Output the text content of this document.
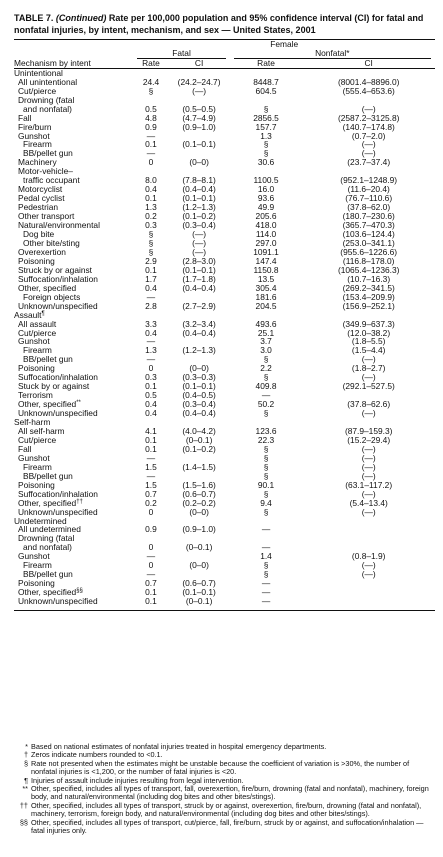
TABLE 7. (Continued) Rate per 100,000 population and 95% confidence interval (CI) for fatal and nonfatal injuries, by intent, mechanism, and sex — United States, 2001
	Female			

	Fatal		Nonfatal*	

Mechanism by intent	Rate	CI	Rate	CI
Unintentional				
All unintentional	24.4	(24.2–24.7)	8448.7	(8001.4–8896.0)
Cut/pierce	§	(—)	604.5	(555.4–653.6)
Drowning (fatal				
and nonfatal)	0.5	(0.5–0.5)	§	(—)
Fall	4.8	(4.7–4.9)	2856.5	(2587.2–3125.8)
Fire/burn	0.9	(0.9–1.0)	157.7	(140.7–174.8)
Gunshot	—		1.3	(0.7–2.0)
Firearm	0.1	(0.1–0.1)	§	(—)
BB/pellet gun	—		§	(—)
Machinery	0	(0–0)	30.6	(23.7–37.4)
Motor-vehicle–				
traffic occupant	8.0	(7.8–8.1)	1100.5	(952.1–1248.9)
Motorcyclist	0.4	(0.4–0.4)	16.0	(11.6–20.4)
Pedal cyclist	0.1	(0.1–0.1)	93.6	(76.7–110.6)
Pedestrian	1.3	(1.2–1.3)	49.9	(37.8–62.0)
Other transport	0.2	(0.1–0.2)	205.6	(180.7–230.6)
Natural/environmental	0.3	(0.3–0.4)	418.0	(365.7–470.3)
Dog bite	§	(—)	114.0	(103.6–124.4)
Other bite/sting	§	(—)	297.0	(253.0–341.1)
Overexertion	§	(—)	1091.1	(955.6–1226.6)
Poisoning	2.9	(2.8–3.0)	147.4	(116.8–178.0)
Struck by or against	0.1	(0.1–0.1)	1150.8	(1065.4–1236.3)
Suffocation/inhalation	1.7	(1.7–1.8)	13.5	(10.7–16.3)
Other, specified	0.4	(0.4–0.4)	305.4	(269.2–341.5)
Foreign objects	—		181.6	(153.4–209.9)
Unknown/unspecified	2.8	(2.7–2.9)	204.5	(156.9–252.1)
Assault¶				
All assault	3.3	(3.2–3.4)	493.6	(349.9–637.3)
Cut/pierce	0.4	(0.4–0.4)	25.1	(12.0–38.2)
Gunshot	—		3.7	(1.8–5.5)
Firearm	1.3	(1.2–1.3)	3.0	(1.5–4.4)
BB/pellet gun	—		§	(—)
Poisoning	0	(0–0)	2.2	(1.8–2.7)
Suffocation/inhalation	0.3	(0.3–0.3)	§	(—)
Stuck by or against	0.1	(0.1–0.1)	409.8	(292.1–527.5)
Terrorism	0.5	(0.4–0.5)	—	
Other, specified**	0.4	(0.3–0.4)	50.2	(37.8–62.6)
Unknown/unspecified	0.4	(0.4–0.4)	§	(—)
Self-harm				
All self-harm	4.1	(4.0–4.2)	123.6	(87.9–159.3)
Cut/pierce	0.1	(0–0.1)	22.3	(15.2–29.4)
Fall	0.1	(0.1–0.2)	§	(—)
Gunshot	—		§	(—)
Firearm	1.5	(1.4–1.5)	§	(—)
BB/pellet gun	—		§	(—)
Poisoning	1.5	(1.5–1.6)	90.1	(63.1–117.2)
Suffocation/inhalation	0.7	(0.6–0.7)	§	(—)
Other, specified††	0.2	(0.2–0.2)	9.4	(5.4–13.4)
Unknown/unspecified	0	(0–0)	§	(—)
Undetermined				
All undetermined	0.9	(0.9–1.0)	—	
Drowning (fatal				
and nonfatal)	0	(0–0.1)	—	
Gunshot	—		1.4	(0.8–1.9)
Firearm	0	(0–0)	§	(—)
BB/pellet gun	—		§	(—)
Poisoning	0.7	(0.6–0.7)	—	
Other, specified§§	0.1	(0.1–0.1)	—	
Unknown/unspecified	0.1	(0–0.1)	—	

* Based on national estimates of nonfatal injuries treated in hospital emergency departments.
† Zeros indicate numbers rounded to <0.1.
§ Rate not presented when the estimates might be unstable because the coefficient of variation is >30%, the number of nonfatal injuries is <1,200, or the number of fatal injuries is <20.
¶ Injuries of assault include injuries resulting from legal intervention.
** Other, specified, includes all types of transport, fall, overexertion, fire/burn, drowning (fatal and nonfatal), machinery, foreign body, and natural/environmental (including dog bites and other bites/stings).
†† Other, specified, includes all types of transport, struck by or against, overexertion, fire/burn, drowning (fatal and nonfatal), machinery, terrorism, foreign body, and natural/environmental (including dog bites and other bites/stings).
§§ Other, specified, includes all types of transport, cut/pierce, fall, fire/burn, struck by or against, and suffocation/inhalation — fatal injuries only.
